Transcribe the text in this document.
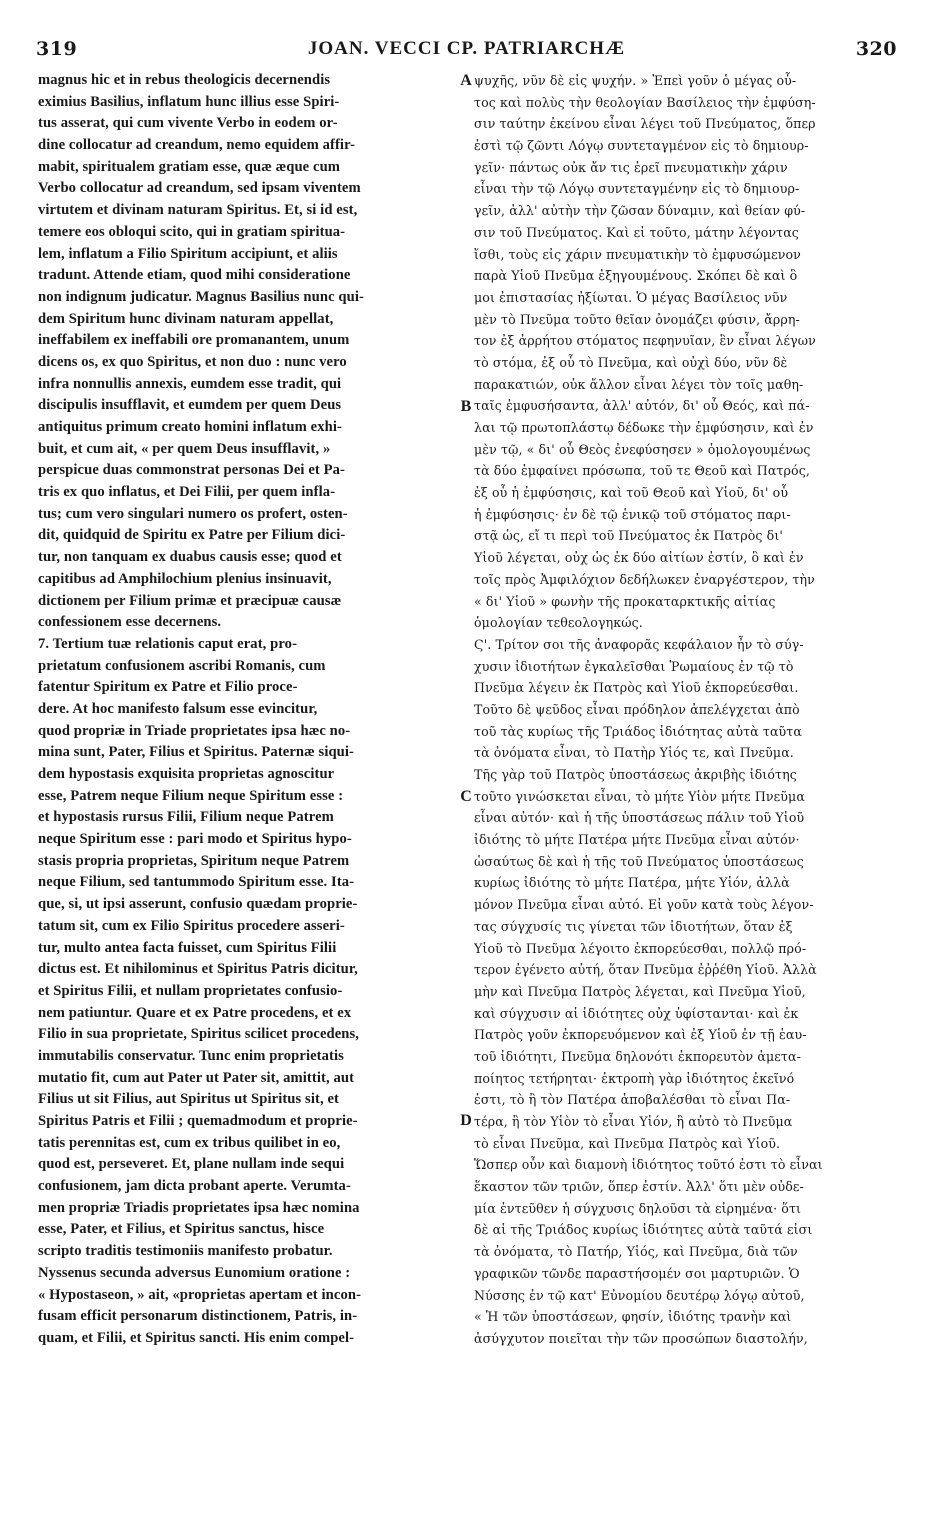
319	JOAN. VECCI CP. PATRIARCHÆ	320
magnus hic et in rebus theologicis decernendis
eximius Basilius, inflatum hunc illius esse Spiri-
tus asserat, qui cum vivente Verbo in eodem or-
dine collocatur ad creandum, nemo equidem affir-
mabit, spiritualem gratiam esse, quæ æque cum
Verbo collocatur ad creandum, sed ipsam viventem
virtutem et divinam naturam Spiritus. Et, si id est,
temere eos obloqui scito, qui in gratiam spiritua-
lem, inflatum a Filio Spiritum accipiunt, et aliis
tradunt. Attende etiam, quod mihi consideratione
non indignum judicatur. Magnus Basilius nunc qui-
dem Spiritum hunc divinam naturam appellat,
ineffabilem ex ineffabili ore promanantem, unum
dicens os, ex quo Spiritus, et non duo : nunc vero
infra nonnullis annexis, eumdem esse tradit, qui
discipulis insufflavit, et eumdem per quem Deus
antiquitus primum creato homini inflatum exhi-
buit, et cum ait, « per quem Deus insufflavit, »
perspicue duas commonstrat personas Dei et Pa-
tris ex quo inflatus, et Dei Filii, per quem infla-
tus; cum vero singulari numero os profert, osten-
dit, quidquid de Spiritu ex Patre per Filium dici-
tur, non tanquam ex duabus causis esse; quod et
capitibus ad Amphilochium plenius insinuavit,
dictionem per Filium primæ et præcipuæ causæ
confessionem esse decernens.
7. Tertium tuæ relationis caput erat, pro-
prietatum confusionem ascribi Romanis, cum
fatentur Spiritum ex Patre et Filio proce-
dere. At hoc manifesto falsum esse evincitur,
quod propriæ in Triade proprietates ipsa hæc no-
mina sunt, Pater, Filius et Spiritus. Paternæ siqui-
dem hypostasis exquisita proprietas agnoscitur
esse, Patrem neque Filium neque Spiritum esse :
et hypostasis rursus Filii, Filium neque Patrem
neque Spiritum esse : pari modo et Spiritus hypo-
stasis propria proprietas, Spiritum neque Patrem
neque Filium, sed tantummodo Spiritum esse. Ita-
que, si, ut ipsi asserunt, confusio quædam proprie-
tatum sit, cum ex Filio Spiritus procedere asseri-
tur, multo antea facta fuisset, cum Spiritus Filii
dictus est. Et nihilominus et Spiritus Patris dicitur,
et Spiritus Filii, et nullam proprietates confusio-
nem patiuntur. Quare et ex Patre procedens, et ex
Filio in sua proprietate, Spiritus scilicet procedens,
immutabilis conservatur. Tunc enim proprietatis
mutatio fit, cum aut Pater ut Pater sit, amittit, aut
Filius ut sit Filius, aut Spiritus ut Spiritus sit, et
Spiritus Patris et Filii ; quemadmodum et proprie-
tatis perennitas est, cum ex tribus quilibet in eo,
quod est, perseveret. Et, plane nullam inde sequi
confusionem, jam dicta probant aperte. Verumta-
men propriæ Triadis proprietates ipsa hæc nomina
esse, Pater, et Filius, et Spiritus sanctus, hisce
scripto traditis testimoniis manifesto probatur.
Nyssenus secunda adversus Eunomium oratione :
« Hypostaseon, » ait, «proprietas apertam et incon-
fusam efficit personarum distinctionem, Patris, in-
quam, et Filii, et Spiritus sancti. His enim compel-
A
B
C
D
ψυχῆς, νῦν δὲ εἰς ψυχήν. » Ἐπεὶ γοῦν ὁ μέγας οὗ-
τος καὶ πολὺς τὴν θεολογίαν Βασίλειος τὴν ἐμφύση-
σιν ταύτην ἐκείνου εἶναι λέγει τοῦ Πνεύματος, ὅπερ
ἐστὶ τῷ ζῶντι Λόγῳ συντεταγμένον εἰς τὸ δημιουρ-
γεῖν· πάντως οὐκ ἄν τις ἐρεῖ πνευματικὴν χάριν
εἶναι τὴν τῷ Λόγῳ συντεταγμένην εἰς τὸ δημιουρ-
γεῖν, ἀλλ' αὐτὴν τὴν ζῶσαν δύναμιν, καὶ θείαν φύ-
σιν τοῦ Πνεύματος. Καὶ εἰ τοῦτο, μάτην λέγοντας
ἴσθι, τοὺς εἰς χάριν πνευματικὴν τὸ ἐμφυσώμενον
παρὰ Υἱοῦ Πνεῦμα ἐξηγουμένους. Σκόπει δὲ καὶ ὃ
μοι ἐπιστασίας ἠξίωται. Ὁ μέγας Βασίλειος νῦν
μὲν τὸ Πνεῦμα τοῦτο θεῖαν ὀνομάζει φύσιν, ἄρρη-
τον ἐξ ἀρρήτου στόματος πεφηνυῖαν, ἓν εἶναι λέγων
τὸ στόμα, ἐξ οὗ τὸ Πνεῦμα, καὶ οὐχὶ δύο, νῦν δὲ
παρακατιών, οὐκ ἄλλον εἶναι λέγει τὸν τοῖς μαθη-
ταῖς ἐμφυσήσαντα, ἀλλ' αὐτόν, δι' οὗ Θεός, καὶ πά-
λαι τῷ πρωτοπλάστῳ δέδωκε τὴν ἐμφύσησιν, καὶ ἐν
μὲν τῷ, « δι' οὗ Θεὸς ἐνεφύσησεν » ὁμολογουμένως
τὰ δύο ἐμφαίνει πρόσωπα, τοῦ τε Θεοῦ καὶ Πατρός,
ἐξ οὗ ἡ ἐμφύσησις, καὶ τοῦ Θεοῦ καὶ Υἱοῦ, δι' οὗ
ἡ ἐμφύσησις· ἐν δὲ τῷ ἑνικῷ τοῦ στόματος παρι-
στᾷ ὡς, εἴ τι περὶ τοῦ Πνεύματος ἐκ Πατρὸς δι'
Υἱοῦ λέγεται, οὐχ ὡς ἐκ δύο αἰτίων ἐστίν, ὃ καὶ ἐν
τοῖς πρὸς Ἀμφιλόχιον δεδήλωκεν ἐναργέστερον, τὴν
« δι' Υἱοῦ » φωνὴν τῆς προκαταρκτικῆς αἰτίας
ὁμολογίαν τεθεολογηκώς.
Ϛ'. Τρίτον σοι τῆς ἀναφορᾶς κεφάλαιον ἦν τὸ σύγ-
χυσιν ἰδιοτήτων ἐγκαλεῖσθαι Ῥωμαίους ἐν τῷ τὸ
Πνεῦμα λέγειν ἐκ Πατρὸς καὶ Υἱοῦ ἐκπορεύεσθαι.
Τοῦτο δὲ ψεῦδος εἶναι πρόδηλον ἀπελέγχεται ἀπὸ
τοῦ τὰς κυρίως τῆς Τριάδος ἰδιότητας αὐτὰ ταῦτα
τὰ ὀνόματα εἶναι, τὸ Πατὴρ Υἱός τε, καὶ Πνεῦμα.
Τῆς γὰρ τοῦ Πατρὸς ὑποστάσεως ἀκριβὴς ἰδιότης
τοῦτο γινώσκεται εἶναι, τὸ μήτε Υἱὸν μήτε Πνεῦμα
εἶναι αὐτόν· καὶ ἡ τῆς ὑποστάσεως πάλιν τοῦ Υἱοῦ
ἰδιότης τὸ μήτε Πατέρα μήτε Πνεῦμα εἶναι αὐτόν·
ὡσαύτως δὲ καὶ ἡ τῆς τοῦ Πνεύματος ὑποστάσεως
κυρίως ἰδιότης τὸ μήτε Πατέρα, μήτε Υἱόν, ἀλλὰ
μόνον Πνεῦμα εἶναι αὐτό. Εἰ γοῦν κατὰ τοὺς λέγον-
τας σύγχυσίς τις γίνεται τῶν ἰδιοτήτων, ὅταν ἐξ
Υἱοῦ τὸ Πνεῦμα λέγοιτο ἐκπορεύεσθαι, πολλῷ πρό-
τερον ἐγένετο αὐτή, ὅταν Πνεῦμα ἐῤῥέθη Υἱοῦ. Ἀλλὰ
μὴν καὶ Πνεῦμα Πατρὸς λέγεται, καὶ Πνεῦμα Υἱοῦ,
καὶ σύγχυσιν αἱ ἰδιότητες οὐχ ὑφίστανται· καὶ ἐκ
Πατρὸς γοῦν ἐκπορευόμενον καὶ ἐξ Υἱοῦ ἐν τῇ ἑαυ-
τοῦ ἰδιότητι, Πνεῦμα δηλονότι ἐκπορευτὸν ἀμετα-
ποίητος τετήρηται· ἐκτροπὴ γὰρ ἰδιότητος ἐκεῖνό
ἐστι, τὸ ἢ τὸν Πατέρα ἀποβαλέσθαι τὸ εἶναι Πα-
τέρα, ἢ τὸν Υἱὸν τὸ εἶναι Υἱόν, ἢ αὐτὸ τὸ Πνεῦμα
τὸ εἶναι Πνεῦμα, καὶ Πνεῦμα Πατρὸς καὶ Υἱοῦ.
Ὥσπερ οὖν καὶ διαμονὴ ἰδιότητος τοῦτό ἐστι τὸ εἶναι
ἕκαστον τῶν τριῶν, ὅπερ ἐστίν. Ἀλλ' ὅτι μὲν οὐδε-
μία ἐντεῦθεν ἡ σύγχυσις δηλοῦσι τὰ εἰρημένα· ὅτι
δὲ αἱ τῆς Τριάδος κυρίως ἰδιότητες αὐτὰ ταῦτά εἰσι
τὰ ὀνόματα, τὸ Πατήρ, Υἱός, καὶ Πνεῦμα, διὰ τῶν
γραφικῶν τῶνδε παραστήσομέν σοι μαρτυριῶν. Ὁ
Νύσσης ἐν τῷ κατ' Εὐνομίου δευτέρῳ λόγῳ αὐτοῦ,
« Ἡ τῶν ὑποστάσεων, φησίν, ἰδιότης τρανὴν καὶ
ἀσύγχυτον ποιεῖται τὴν τῶν προσώπων διαστολήν,
